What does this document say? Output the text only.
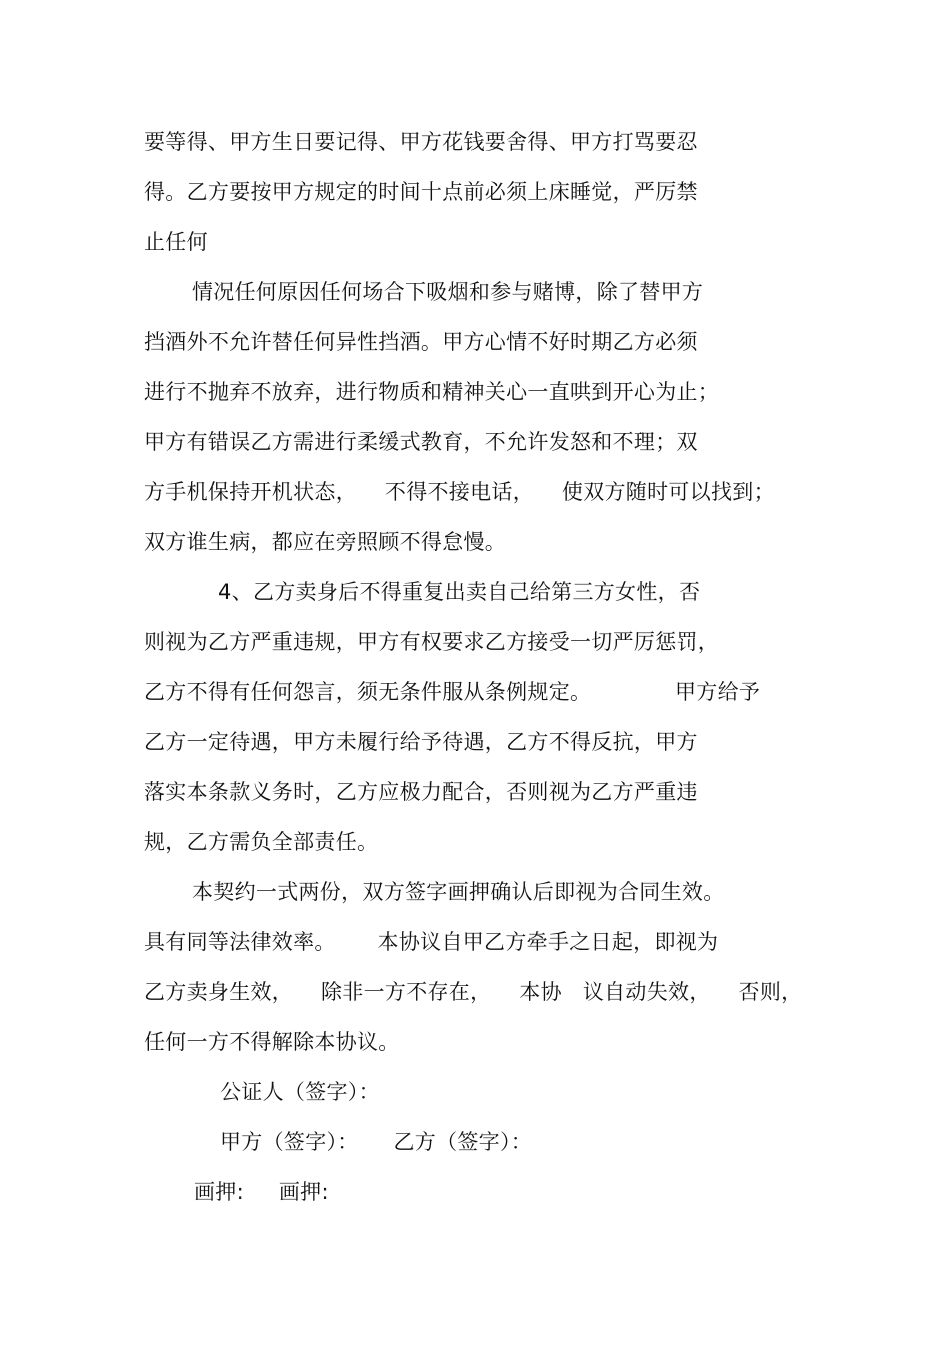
要等得、甲方生日要记得、甲方花钱要舍得、甲方打骂要忍
得。乙方要按甲方规定的时间十点前必须上床睡觉，严厉禁
止任何
情况任何原因任何场合下吸烟和参与赌博，除了替甲方
挡酒外不允许替任何异性挡酒。甲方心情不好时期乙方必须
进行不抛弃不放弃，进行物质和精神关心一直哄到开心为止；
甲方有错误乙方需进行柔缓式教育，不允许发怒和不理；双
方手机保持开机状态，    不得不接电话，    使双方随时可以找到；
双方谁生病，都应在旁照顾不得怠慢。
4、乙方卖身后不得重复出卖自己给第三方女性，否
则视为乙方严重违规，甲方有权要求乙方接受一切严厉惩罚，
乙方不得有任何怨言，须无条件服从条例规定。            甲方给予
乙方一定待遇，甲方未履行给予待遇，乙方不得反抗，甲方
落实本条款义务时，乙方应极力配合，否则视为乙方严重违
规，乙方需负全部责任。
本契约一式两份，双方签字画押确认后即视为合同生效。
具有同等法律效率。      本协议自甲乙方牵手之日起，即视为
乙方卖身生效，    除非一方不存在，    本协   议自动失效，    否则，
任何一方不得解除本协议。
公证人（签字）：
甲方（签字）：     乙方（签字）：
画押:     画押:
